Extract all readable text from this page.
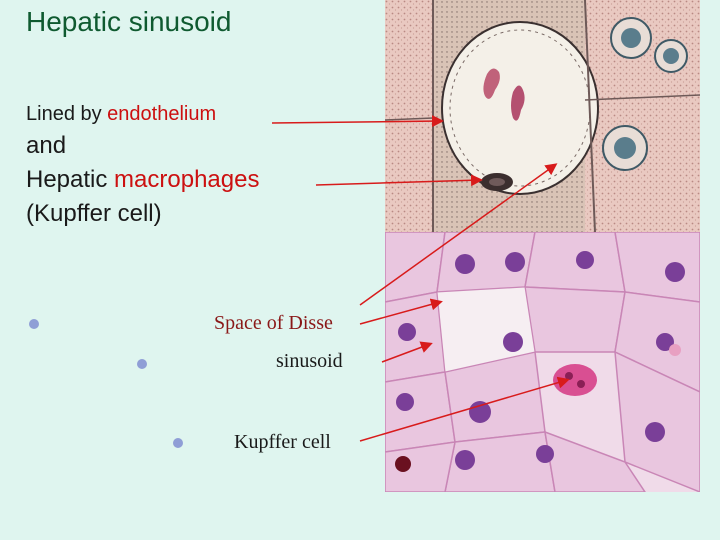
Hepatic sinusoid
Lined by endothelium
and
Hepatic macrophages
(Kupffer cell)
Space of Disse
sinusoid
Kupffer cell
